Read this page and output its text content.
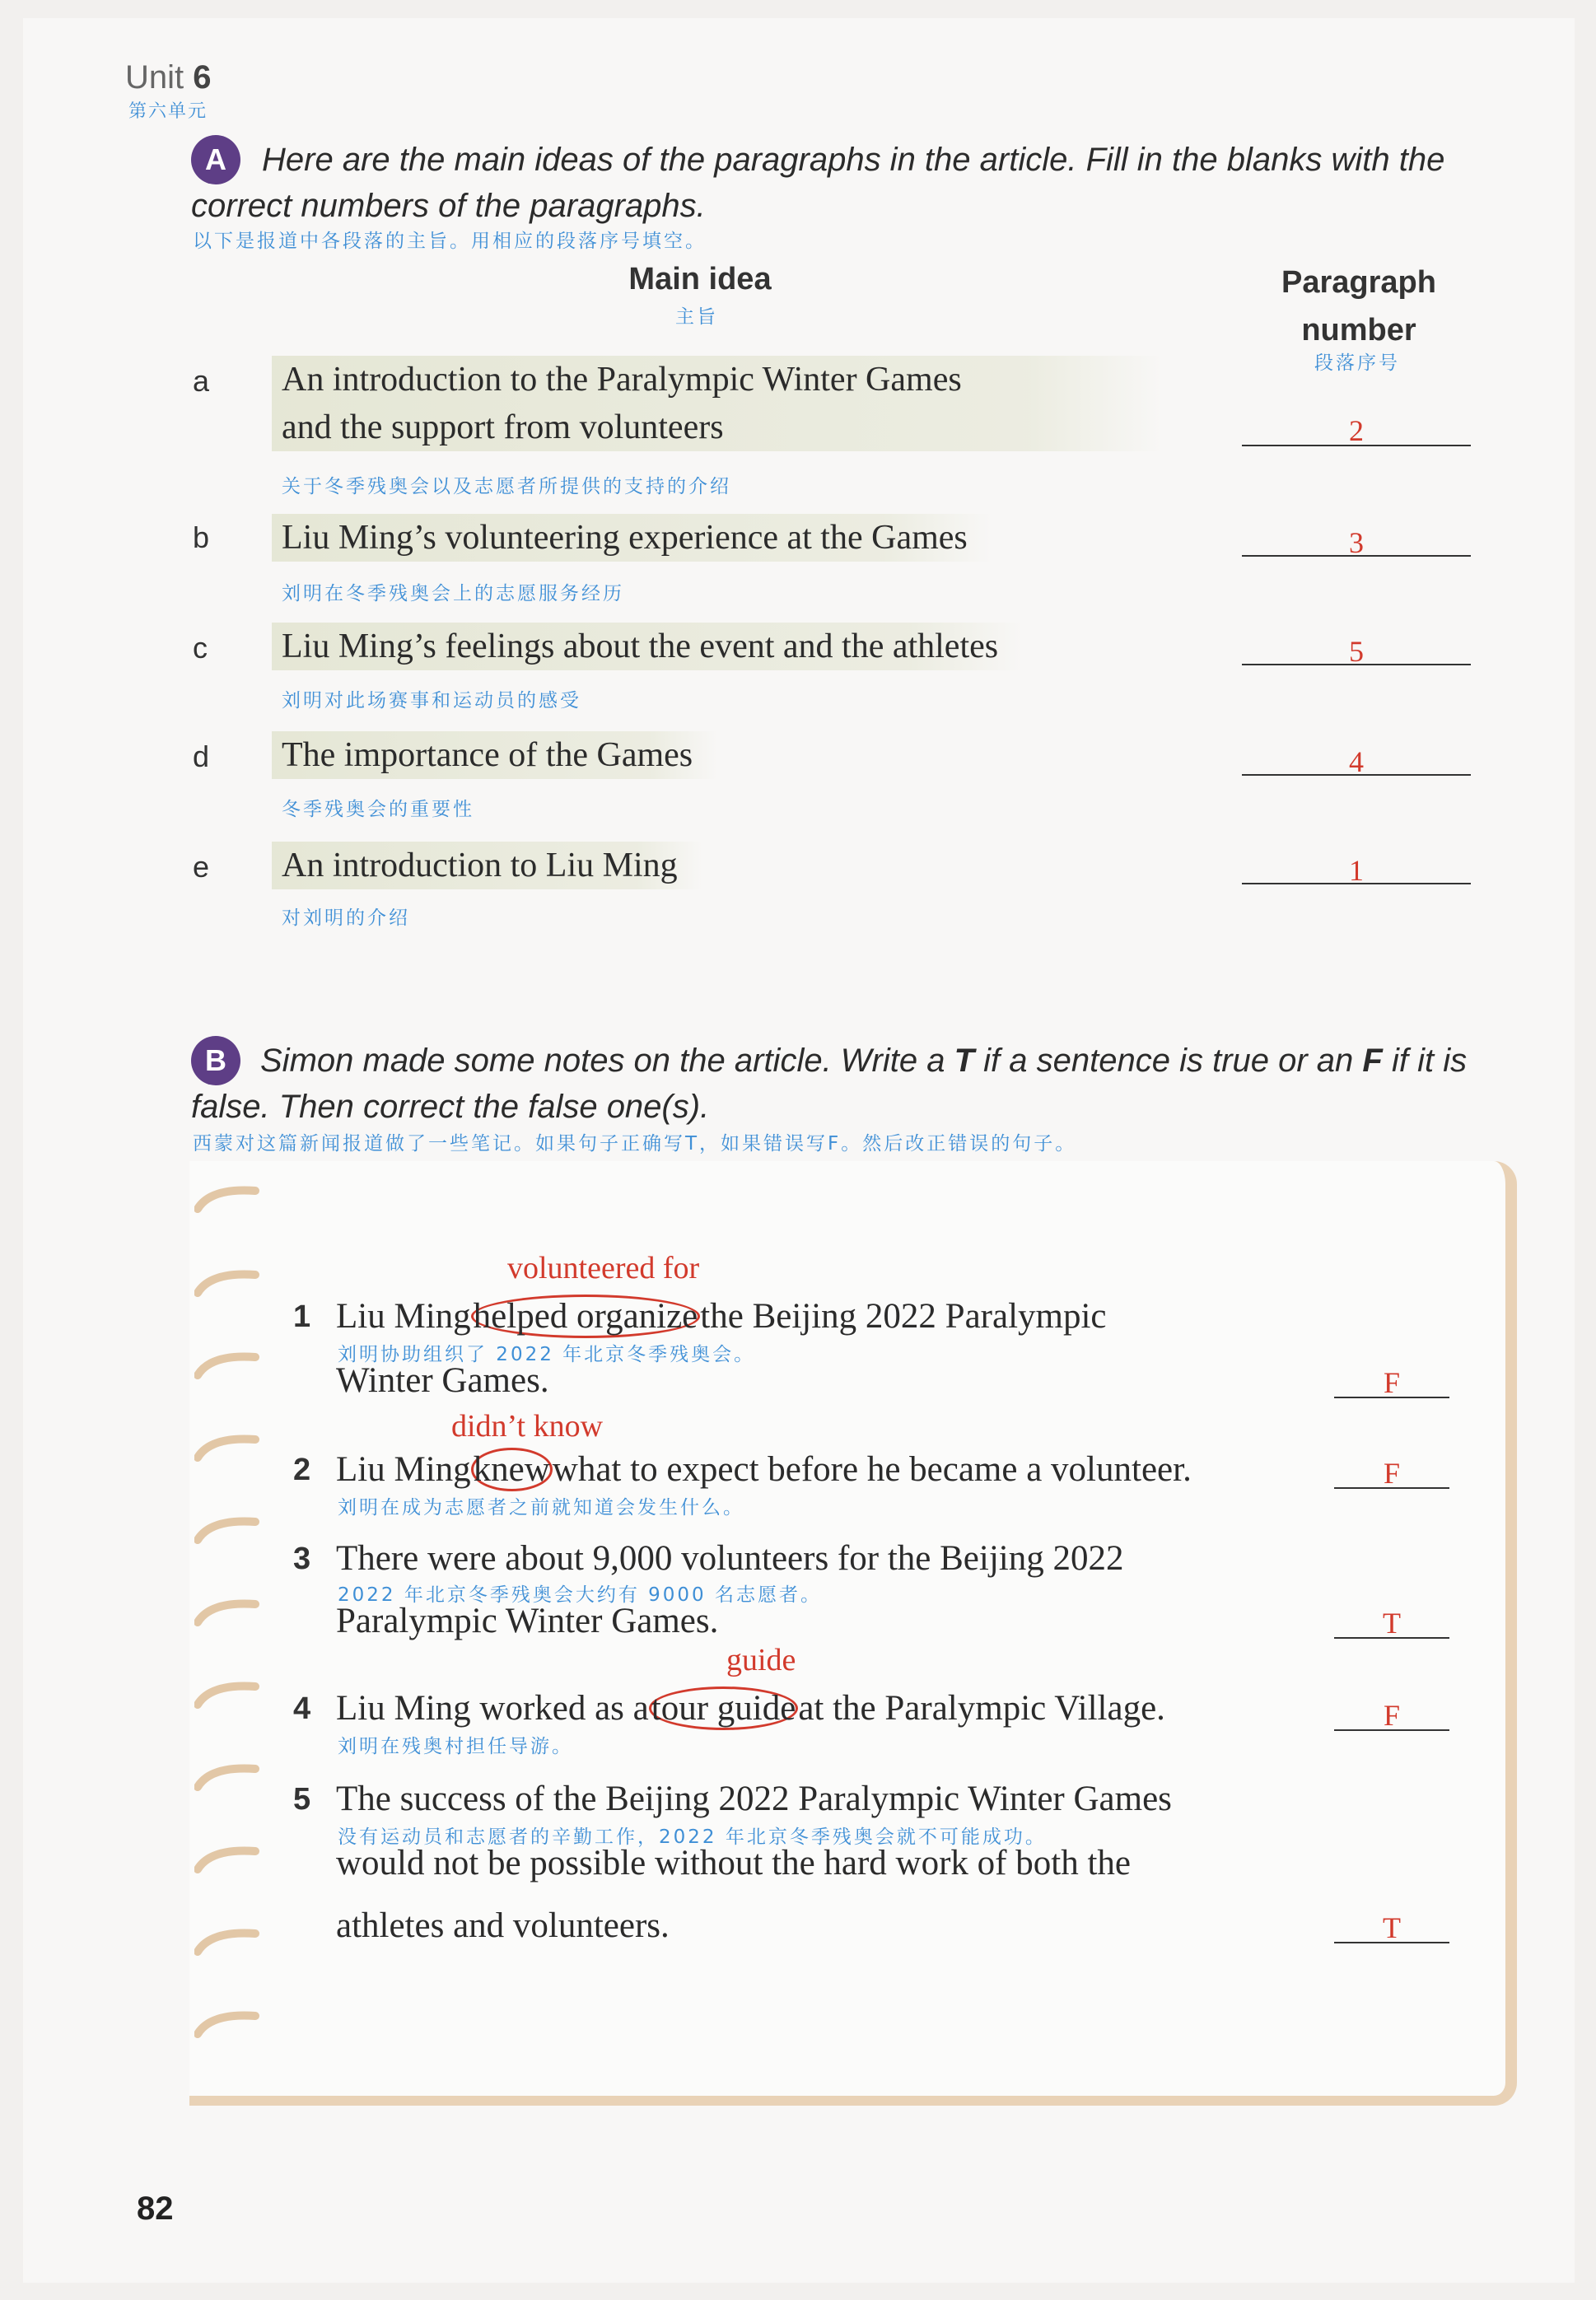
Unit 6
第六单元
A	Here are the main ideas of the paragraphs in the article. Fill in the blanks with the
correct numbers of the paragraphs.
以下是报道中各段落的主旨。用相应的段落序号填空。
Main idea
主旨
Paragraph
number
段落序号
a An introduction to the Paralympic Winter Games
and the support from volunteers
关于冬季残奥会以及志愿者所提供的支持的介绍
2
b Liu Ming’s volunteering experience at the Games
刘明在冬季残奥会上的志愿服务经历
3
c Liu Ming’s feelings about the event and the athletes
刘明对此场赛事和运动员的感受
5
d The importance of the Games
冬季残奥会的重要性
4
e An introduction to Liu Ming
对刘明的介绍
1
B	Simon made some notes on the article. Write a T if a sentence is true or an F if it is
false. Then correct the false one(s).
西蒙对这篇新闻报道做了一些笔记。如果句子正确写T，如果错误写F。然后改正错误的句子。
volunteered for
1 Liu Minghelped organizethe Beijing 2022 Paralympic
刘明协助组织了 2022 年北京冬季残奥会。
Winter Games.	F
didn’t know
2 Liu Mingknewwhat to expect before he became a volunteer.
刘明在成为志愿者之前就知道会发生什么。
F
3 There were about 9,000 volunteers for the Beijing 2022
2022 年北京冬季残奥会大约有 9000 名志愿者。
Paralympic Winter Games.	T
guide
4 Liu Ming worked as atour guideat the Paralympic Village.
刘明在残奥村担任导游。
F
5 The success of the Beijing 2022 Paralympic Winter Games
没有运动员和志愿者的辛勤工作，2022 年北京冬季残奥会就不可能成功。
would not be possible without the hard work of both the
athletes and volunteers.	T
82
